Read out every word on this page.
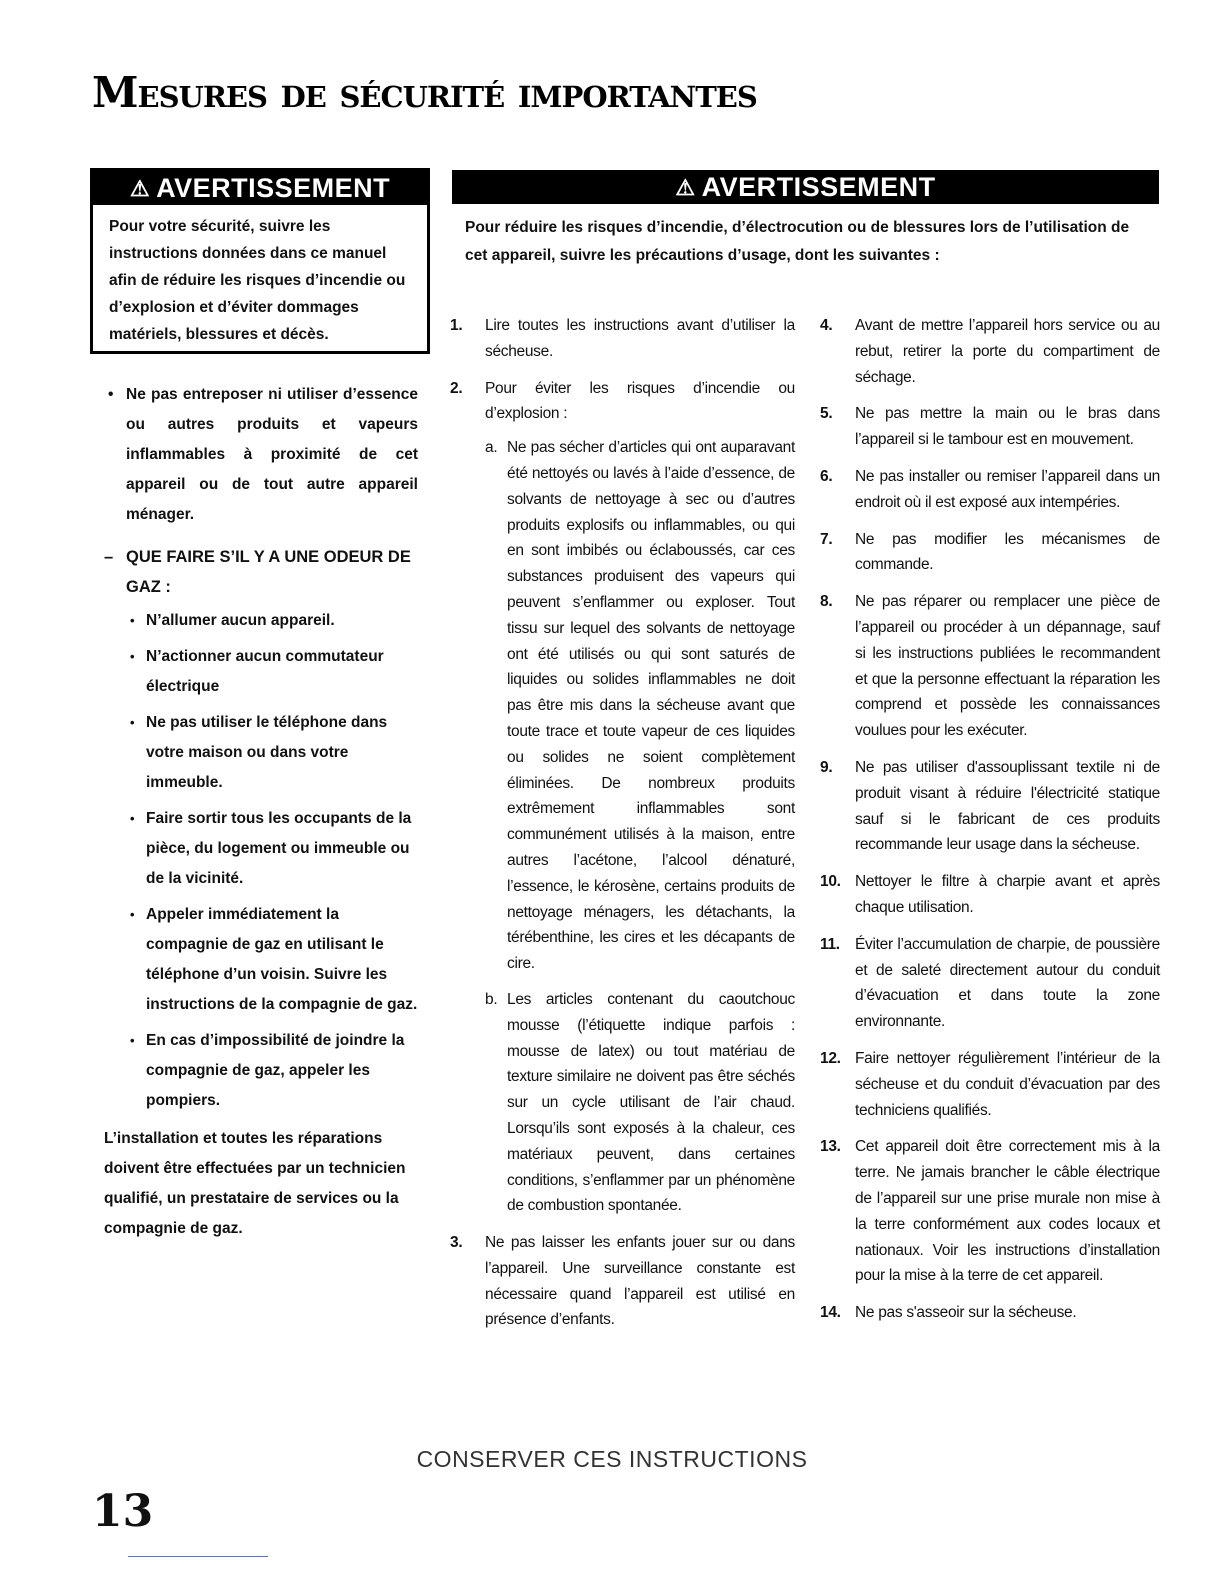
Mesures de sécurité importantes
⚠ AVERTISSEMENT
Pour votre sécurité, suivre les instructions données dans ce manuel afin de réduire les risques d’incendie ou d’explosion et d’éviter dommages matériels, blessures et décès.
⚠ AVERTISSEMENT
Pour réduire les risques d’incendie, d’électrocution ou de blessures lors de l’utilisation de cet appareil, suivre les précautions d’usage, dont les suivantes :
• Ne pas entreposer ni utiliser d’essence ou autres produits et vapeurs inflammables à proximité de cet appareil ou de tout autre appareil ménager.
– QUE FAIRE S’IL Y A UNE ODEUR DE GAZ :
• N’allumer aucun appareil.
• N’actionner aucun commutateur électrique
• Ne pas utiliser le téléphone dans votre maison ou dans votre immeuble.
• Faire sortir tous les occupants de la pièce, du logement ou immeuble ou de la vicinité.
• Appeler immédiatement la compagnie de gaz en utilisant le téléphone d’un voisin. Suivre les instructions de la compagnie de gaz.
• En cas d’impossibilité de joindre la compagnie de gaz, appeler les pompiers.
L’installation et toutes les réparations doivent être effectuées par un technicien qualifié, un prestataire de services ou la compagnie de gaz.
1. Lire toutes les instructions avant d’utiliser la sécheuse.
2. Pour éviter les risques d’incendie ou d’explosion :
a. Ne pas sécher d’articles qui ont auparavant été nettoyés ou lavés à l’aide d’essence, de solvants de nettoyage à sec ou d’autres produits explosifs ou inflammables, ou qui en sont imbibés ou éclaboussés, car ces substances produisent des vapeurs qui peuvent s’enflammer ou exploser. Tout tissu sur lequel des solvants de nettoyage ont été utilisés ou qui sont saturés de liquides ou solides inflammables ne doit pas être mis dans la sécheuse avant que toute trace et toute vapeur de ces liquides ou solides ne soient complètement éliminées. De nombreux produits extrêmement inflammables sont communément utilisés à la maison, entre autres l’acétone, l’alcool dénaturé, l’essence, le kérosène, certains produits de nettoyage ménagers, les détachants, la térébenthine, les cires et les décapants de cire.
b. Les articles contenant du caoutchouc mousse (l’étiquette indique parfois : mousse de latex) ou tout matériau de texture similaire ne doivent pas être séchés sur un cycle utilisant de l’air chaud. Lorsqu’ils sont exposés à la chaleur, ces matériaux peuvent, dans certaines conditions, s’enflammer par un phénomène de combustion spontanée.
3. Ne pas laisser les enfants jouer sur ou dans l’appareil. Une surveillance constante est nécessaire quand l’appareil est utilisé en présence d’enfants.
4. Avant de mettre l’appareil hors service ou au rebut, retirer la porte du compartiment de séchage.
5. Ne pas mettre la main ou le bras dans l’appareil si le tambour est en mouvement.
6. Ne pas installer ou remiser l’appareil dans un endroit où il est exposé aux intempéries.
7. Ne pas modifier les mécanismes de commande.
8. Ne pas réparer ou remplacer une pièce de l’appareil ou procéder à un dépannage, sauf si les instructions publiées le recommandent et que la personne effectuant la réparation les comprend et possède les connaissances voulues pour les exécuter.
9. Ne pas utiliser d'assouplissant textile ni de produit visant à réduire l'électricité statique sauf si le fabricant de ces produits recommande leur usage dans la sécheuse.
10. Nettoyer le filtre à charpie avant et après chaque utilisation.
11. Éviter l’accumulation de charpie, de poussière et de saleté directement autour du conduit d’évacuation et dans toute la zone environnante.
12. Faire nettoyer régulièrement l’intérieur de la sécheuse et du conduit d’évacuation par des techniciens qualifiés.
13. Cet appareil doit être correctement mis à la terre. Ne jamais brancher le câble électrique de l’appareil sur une prise murale non mise à la terre conformément aux codes locaux et nationaux. Voir les instructions d’installation pour la mise à la terre de cet appareil.
14. Ne pas s'asseoir sur la sécheuse.
CONSERVER CES INSTRUCTIONS
13
